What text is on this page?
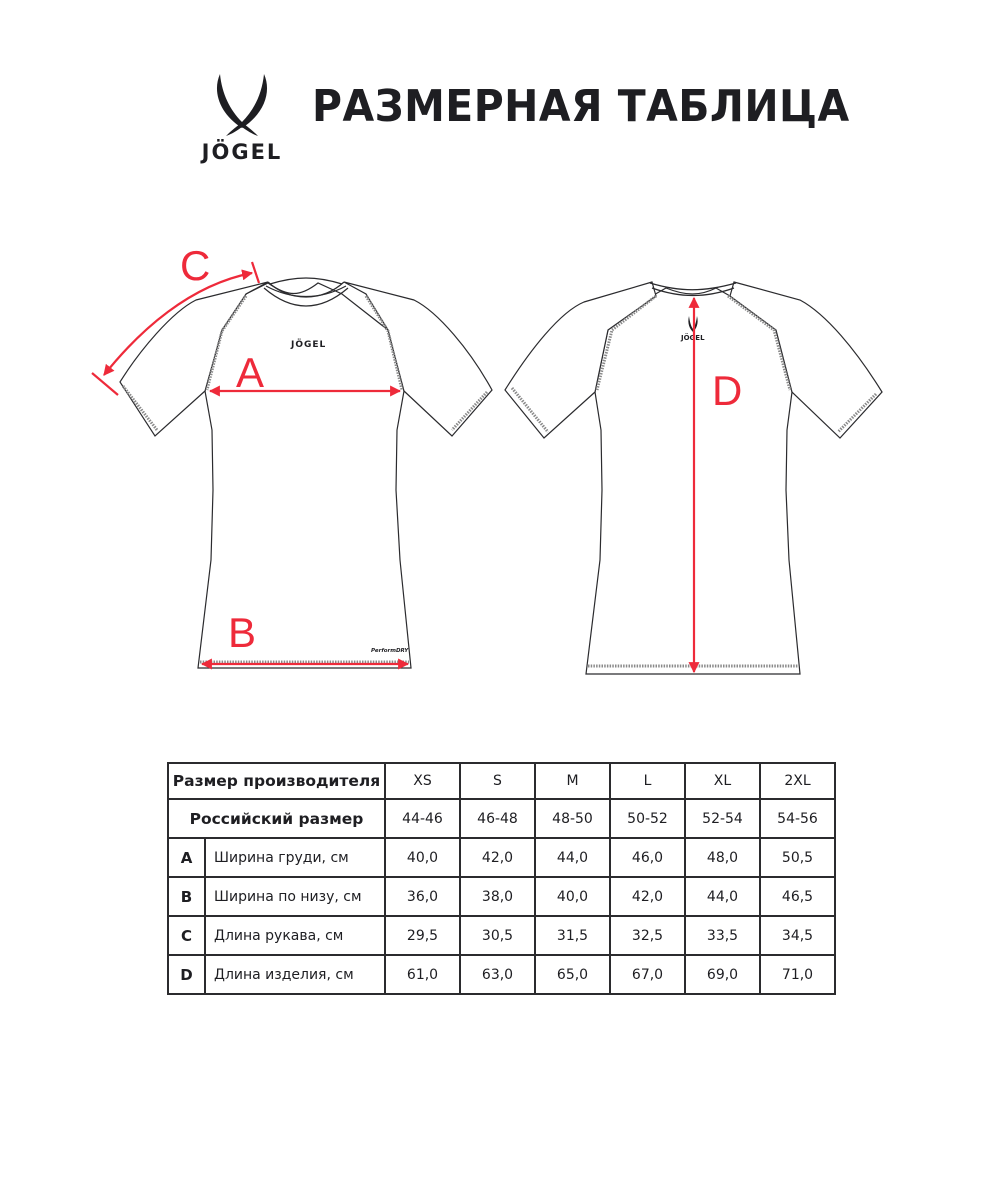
JÖGEL
РАЗМЕРНАЯ ТАБЛИЦА
JÖGEL
PerformDRY
JÖGEL
C
A
B
D
Размер производителя		XS	S	M	L	XL	2XL
Российский размер		44-46	46-48	48-50	50-52	52-54	54-56
A	Ширина груди, см	40,0	42,0	44,0	46,0	48,0	50,5
B	Ширина по низу, см	36,0	38,0	40,0	42,0	44,0	46,5
C	Длина рукава, см	29,5	30,5	31,5	32,5	33,5	34,5
D	Длина изделия, см	61,0	63,0	65,0	67,0	69,0	71,0
